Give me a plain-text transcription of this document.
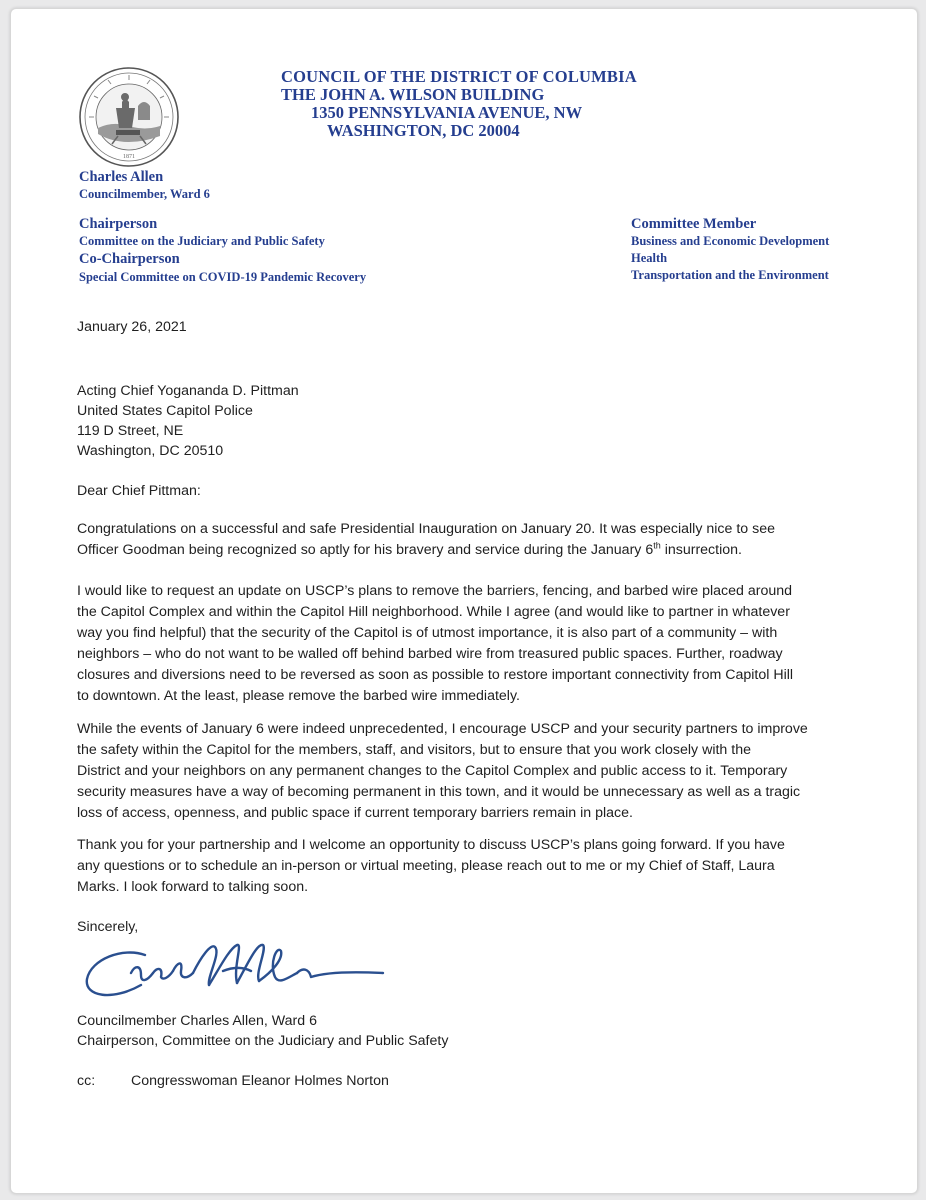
1871
COUNCIL OF THE DISTRICT OF COLUMBIA
THE JOHN A. WILSON BUILDING
1350 PENNSYLVANIA AVENUE, NW
WASHINGTON, DC 20004
Charles Allen
Councilmember, Ward 6
Chairperson
Committee on the Judiciary and Public Safety
Co-Chairperson
Special Committee on COVID-19 Pandemic Recovery
Committee Member
Business and Economic Development
Health
Transportation and the Environment
January 26, 2021
Acting Chief Yogananda D. Pittman
United States Capitol Police
119 D Street, NE
Washington, DC 20510
Dear Chief Pittman:
Congratulations on a successful and safe Presidential Inauguration on January 20. It was especially nice to see
Officer Goodman being recognized so aptly for his bravery and service during the January 6th insurrection.
I would like to request an update on USCP’s plans to remove the barriers, fencing, and barbed wire placed around
the Capitol Complex and within the Capitol Hill neighborhood. While I agree (and would like to partner in whatever
way you find helpful) that the security of the Capitol is of utmost importance, it is also part of a community – with
neighbors – who do not want to be walled off behind barbed wire from treasured public spaces. Further, roadway
closures and diversions need to be reversed as soon as possible to restore important connectivity from Capitol Hill
to downtown. At the least, please remove the barbed wire immediately.
While the events of January 6 were indeed unprecedented, I encourage USCP and your security partners to improve
the safety within the Capitol for the members, staff, and visitors, but to ensure that you work closely with the
District and your neighbors on any permanent changes to the Capitol Complex and public access to it. Temporary
security measures have a way of becoming permanent in this town, and it would be unnecessary as well as a tragic
loss of access, openness, and public space if current temporary barriers remain in place.
Thank you for your partnership and I welcome an opportunity to discuss USCP’s plans going forward. If you have
any questions or to schedule an in-person or virtual meeting, please reach out to me or my Chief of Staff, Laura
Marks. I look forward to talking soon.
Sincerely,
Councilmember Charles Allen, Ward 6
Chairperson, Committee on the Judiciary and Public Safety
cc:	Congresswoman Eleanor Holmes Norton
